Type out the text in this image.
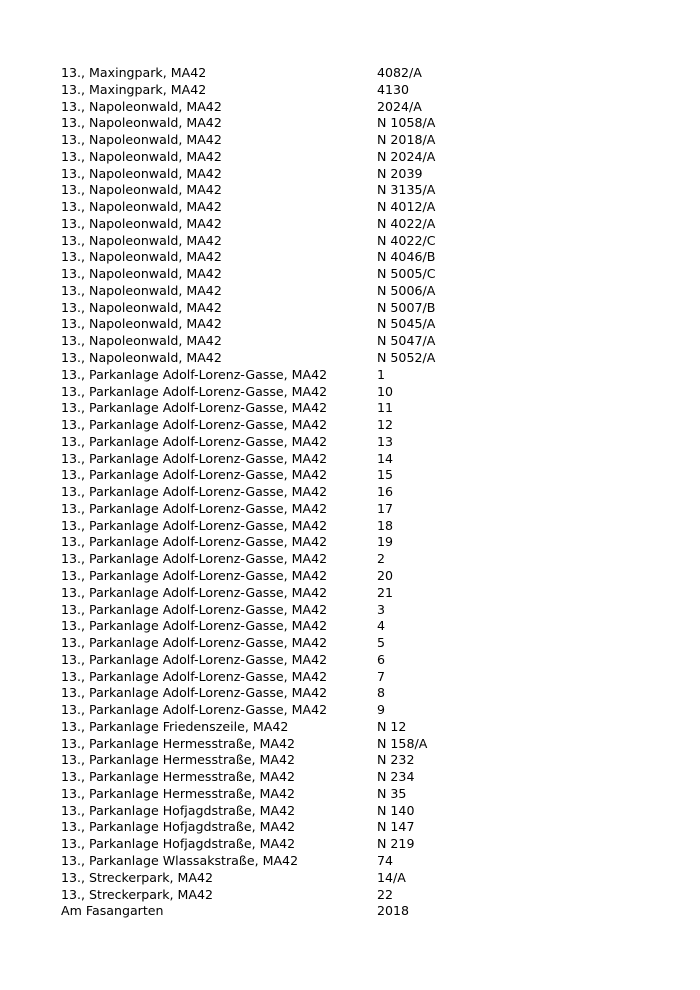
13., Maxingpark, MA42	4082/A
13., Maxingpark, MA42	4130
13., Napoleonwald, MA42	2024/A
13., Napoleonwald, MA42	N 1058/A
13., Napoleonwald, MA42	N 2018/A
13., Napoleonwald, MA42	N 2024/A
13., Napoleonwald, MA42	N 2039
13., Napoleonwald, MA42	N 3135/A
13., Napoleonwald, MA42	N 4012/A
13., Napoleonwald, MA42	N 4022/A
13., Napoleonwald, MA42	N 4022/C
13., Napoleonwald, MA42	N 4046/B
13., Napoleonwald, MA42	N 5005/C
13., Napoleonwald, MA42	N 5006/A
13., Napoleonwald, MA42	N 5007/B
13., Napoleonwald, MA42	N 5045/A
13., Napoleonwald, MA42	N 5047/A
13., Napoleonwald, MA42	N 5052/A
13., Parkanlage Adolf-Lorenz-Gasse, MA42	1
13., Parkanlage Adolf-Lorenz-Gasse, MA42	10
13., Parkanlage Adolf-Lorenz-Gasse, MA42	11
13., Parkanlage Adolf-Lorenz-Gasse, MA42	12
13., Parkanlage Adolf-Lorenz-Gasse, MA42	13
13., Parkanlage Adolf-Lorenz-Gasse, MA42	14
13., Parkanlage Adolf-Lorenz-Gasse, MA42	15
13., Parkanlage Adolf-Lorenz-Gasse, MA42	16
13., Parkanlage Adolf-Lorenz-Gasse, MA42	17
13., Parkanlage Adolf-Lorenz-Gasse, MA42	18
13., Parkanlage Adolf-Lorenz-Gasse, MA42	19
13., Parkanlage Adolf-Lorenz-Gasse, MA42	2
13., Parkanlage Adolf-Lorenz-Gasse, MA42	20
13., Parkanlage Adolf-Lorenz-Gasse, MA42	21
13., Parkanlage Adolf-Lorenz-Gasse, MA42	3
13., Parkanlage Adolf-Lorenz-Gasse, MA42	4
13., Parkanlage Adolf-Lorenz-Gasse, MA42	5
13., Parkanlage Adolf-Lorenz-Gasse, MA42	6
13., Parkanlage Adolf-Lorenz-Gasse, MA42	7
13., Parkanlage Adolf-Lorenz-Gasse, MA42	8
13., Parkanlage Adolf-Lorenz-Gasse, MA42	9
13., Parkanlage Friedenszeile, MA42	N 12
13., Parkanlage Hermesstraße, MA42	N 158/A
13., Parkanlage Hermesstraße, MA42	N 232
13., Parkanlage Hermesstraße, MA42	N 234
13., Parkanlage Hermesstraße, MA42	N 35
13., Parkanlage Hofjagdstraße, MA42	N 140
13., Parkanlage Hofjagdstraße, MA42	N 147
13., Parkanlage Hofjagdstraße, MA42	N 219
13., Parkanlage Wlassakstraße, MA42	74
13., Streckerpark, MA42	14/A
13., Streckerpark, MA42	22
Am Fasangarten	2018
